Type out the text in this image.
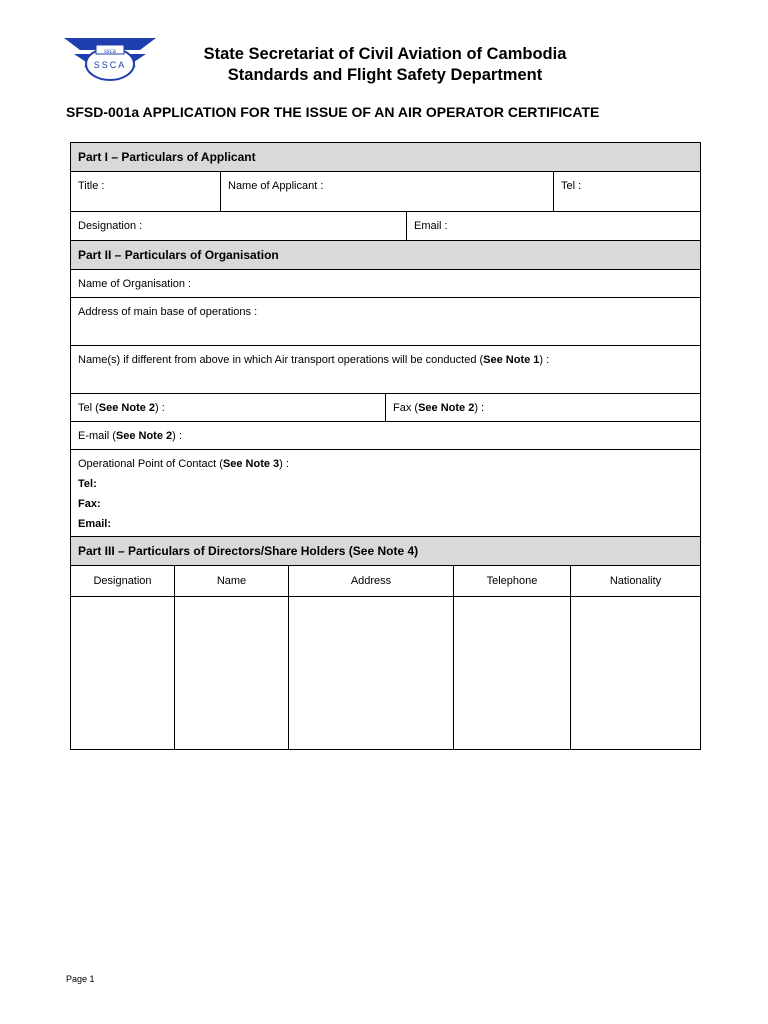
ssca
SSCA
State Secretariat of Civil Aviation of Cambodia
Standards and Flight Safety Department
SFSD-001a APPLICATION FOR THE ISSUE OF AN AIR OPERATOR CERTIFICATE
Part I – Particulars of Applicant
Title :	Name of Applicant :	Tel :
Designation :	Email :
Part II – Particulars of Organisation
Name of Organisation :
Address of main base of operations :
Name(s) if different from above in which Air transport operations will be conducted (See Note 1) :
Tel (See Note 2) :	Fax (See Note 2) :
E-mail (See Note 2) :
Operational Point of Contact (See Note 3) :
Tel:
Fax:
Email:
Part III – Particulars of Directors/Share Holders (See Note 4)
Designation	Name	Address	Telephone	Nationality
Page 1
